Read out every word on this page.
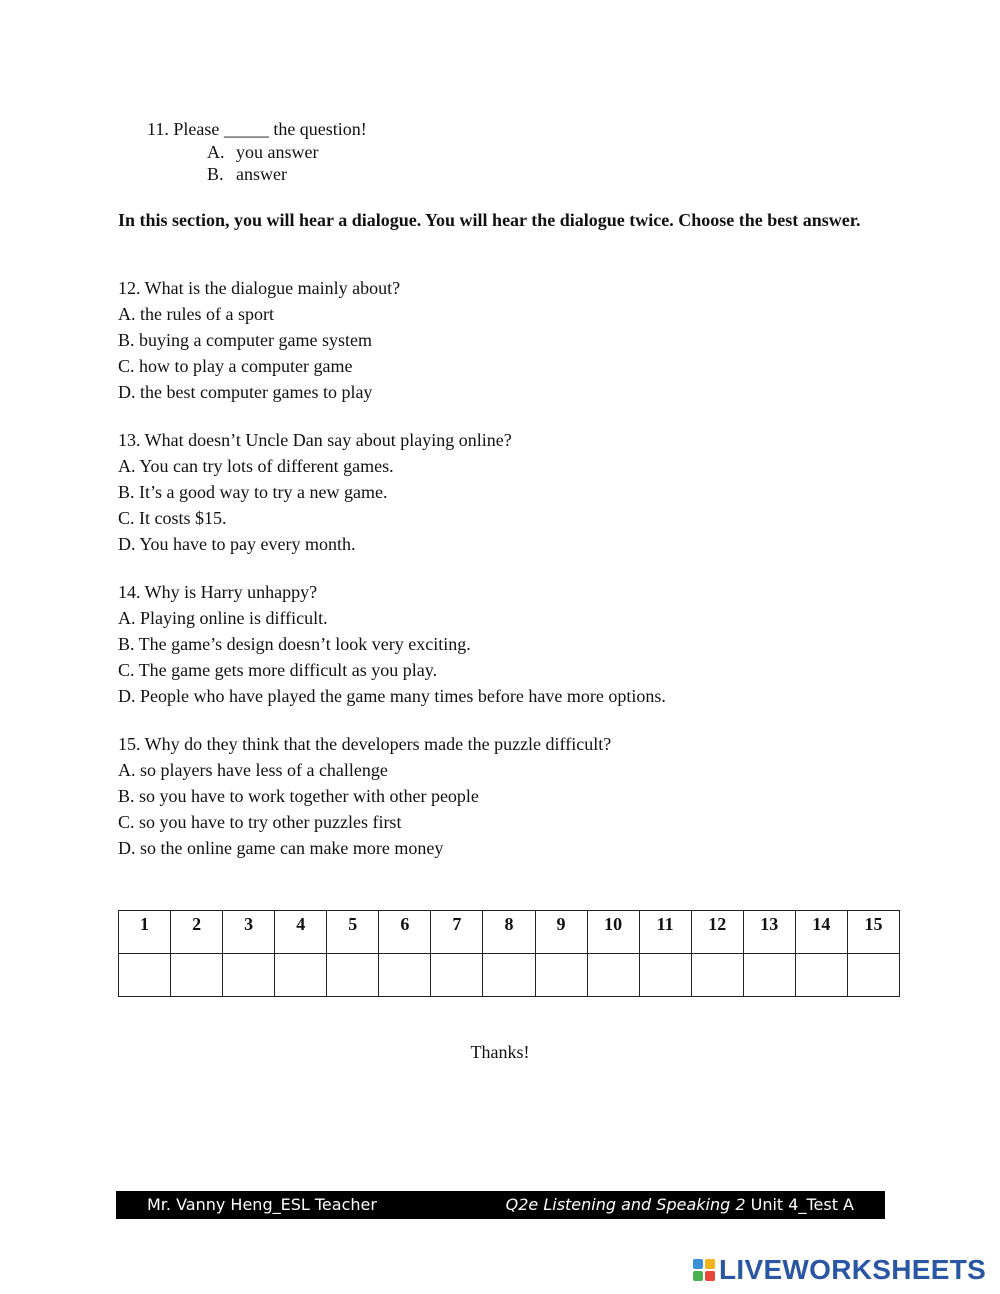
11. Please _____ the question!
A. you answer
B. answer
In this section, you will hear a dialogue. You will hear the dialogue twice. Choose the best answer.
12. What is the dialogue mainly about?
A. the rules of a sport
B. buying a computer game system
C. how to play a computer game
D. the best computer games to play
13. What doesn’t Uncle Dan say about playing online?
A. You can try lots of different games.
B. It’s a good way to try a new game.
C. It costs $15.
D. You have to pay every month.
14. Why is Harry unhappy?
A. Playing online is difficult.
B. The game’s design doesn’t look very exciting.
C. The game gets more difficult as you play.
D. People who have played the game many times before have more options.
15. Why do they think that the developers made the puzzle difficult?
A. so players have less of a challenge
B. so you have to work together with other people
C. so you have to try other puzzles first
D. so the online game can make more money
1	2	3	4	5	6	7	8	9	10	11	12	13	14	15

Thanks!
Mr. Vanny Heng_ESL Teacher	Q2e Listening and Speaking 2 Unit 4_Test A
LIVEWORKSHEETS
